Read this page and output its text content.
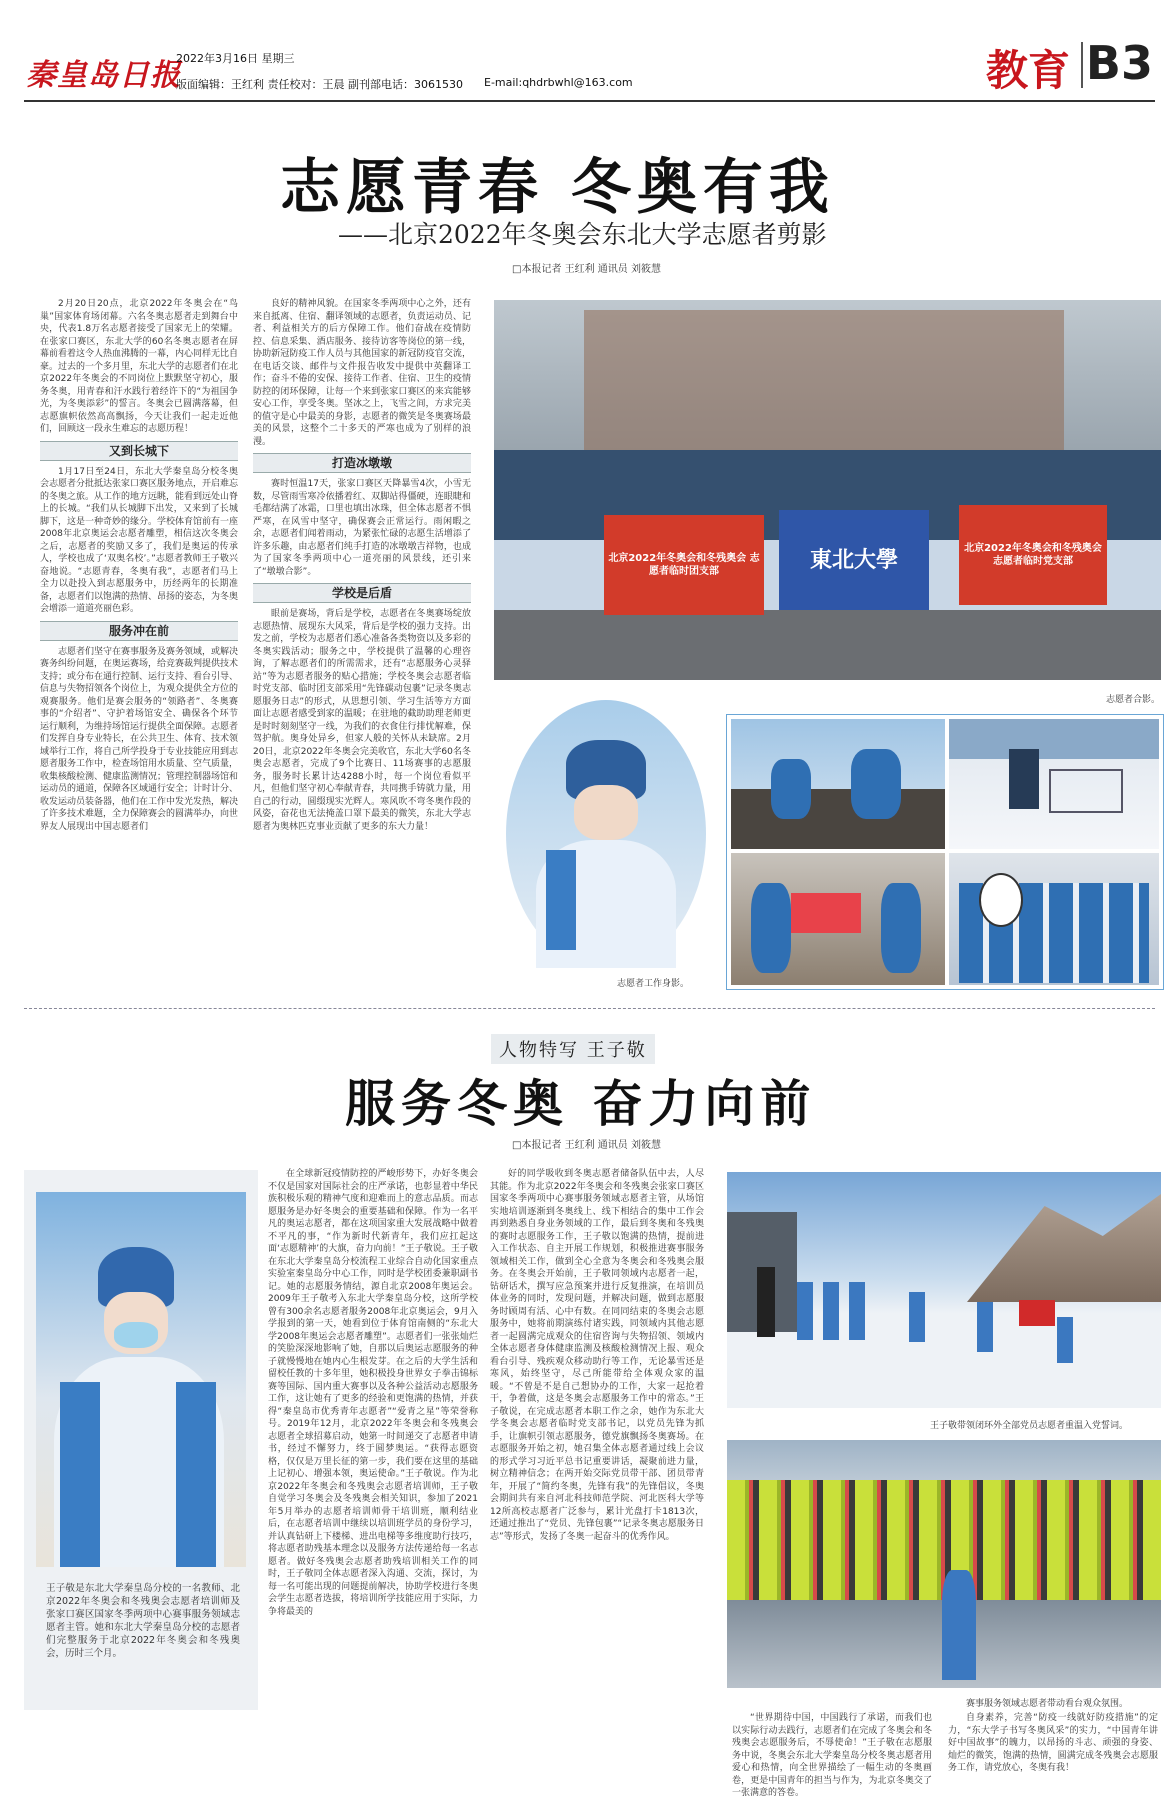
秦皇岛日报
2022年3月16日 星期三
版面编辑：王红利 责任校对：王晨 副刊部电话：3061530 E-mail:qhdrbwhl@163.com	教育 B3
志愿青春 冬奥有我
——北京2022年冬奥会东北大学志愿者剪影
□本报记者 王红利 通讯员 刘筱慧

2月20日20点，北京2022年冬奥会在“鸟巢”国家体育场闭幕。六名冬奥志愿者走到舞台中央，代表1.8万名志愿者接受了国家无上的荣耀。在张家口赛区，东北大学的60名冬奥志愿者在屏幕前看着这令人热血沸腾的一幕，内心同样无比自豪。过去的一个多月里，东北大学的志愿者们在北京2022年冬奥会的不同岗位上默默坚守初心，服务冬奥，用青春和汗水践行着经许下的“为祖国争光，为冬奥添彩”的誓言。冬奥会已圆满落幕，但志愿旗帜依然高高飘扬，今天让我们一起走近他们，回顾这一段永生难忘的志愿历程！

又到长城下

1月17日至24日，东北大学秦皇岛分校冬奥会志愿者分批抵达张家口赛区服务地点，开启难忘的冬奥之旅。从工作的地方远眺，能看到远处山脊上的长城。“我们从长城脚下出发，又来到了长城脚下，这是一种奇妙的缘分。学校体育馆前有一座2008年北京奥运会志愿者雕塑，相信这次冬奥会之后，志愿者的奖励又多了，我们是奥运的传承人，学校也成了‘双奥名校’。”志愿者教师王子敬兴奋地说。“志愿青春，冬奥有我”，志愿者们马上全力以赴投入到志愿服务中，历经两年的长期准备，志愿者们以饱满的热情、昂扬的姿态，为冬奥会增添一道道亮丽色彩。

服务冲在前

志愿者们坚守在赛事服务及赛务领域，或解决赛务纠纷问题，在奥运赛场，给竞赛裁判提供技术支持；或分布在通行控制、运行支持、看台引导、信息与失物招领各个岗位上，为观众提供全方位的观赛服务。他们是赛会服务的“领路者”、冬奥赛事的“介绍者”、守护着场馆安全、确保各个环节运行顺利，为维持场馆运行提供全面保障。志愿者们发挥自身专业特长，在公共卫生、体育、技术领域举行工作，将自己所学投身于专业技能应用到志愿者服务工作中，检查场馆用水质量、空气质量，收集核酸检测、健康监测情况；管理控制器场馆和运动员的通道，保障各区域通行安全；计时计分、收发运动员装备器，他们在工作中发光发热，解决了许多技术难题，全力保障赛会的圆满举办，向世界友人展现出中国志愿者们

良好的精神风貌。在国家冬季两项中心之外，还有来自抵离、住宿、翻译领域的志愿者，负责运动员、记者、利益相关方的后方保障工作。他们奋战在疫情防控、信息采集、酒店服务、接待访客等岗位的第一线，协助新冠防疫工作人员与其他国家的新冠防疫官交流，在电话交谈、邮件与文件报告收发中提供中英翻译工作；奋斗不倦的安保、接待工作者、住宿、卫生的疫情防控的闭环保障，让每一个来到张家口赛区的来宾能够安心工作，享受冬奥。坚冰之上，飞雪之间，方求完美的值守是心中最美的身影，志愿者的微笑是冬奥赛场最美的风景，这整个二十多天的严寒也成为了别样的浪漫。

打造冰墩墩

赛时恒温17天，张家口赛区天降暴雪4次，小雪无数，尽管雨雪寒冷依播着红、双脚站得僵硬，连眼睫和毛都结满了冰霜，口里也填出冰珠，但全体志愿者不惧严寒，在风雪中坚守，确保赛会正常运行。雨闲暇之余，志愿者们闻着雨动，为紧张忙碌的志愿生活增添了许多乐趣，由志愿者们纯手打造的冰墩墩吉祥物，也成为了国家冬季两项中心一道亮丽的风景线，还引来了“墩墩合影”。

学校是后盾

眼前是赛场，背后是学校，志愿者在冬奥赛场绽放志愿热情、展现东大风采，背后是学校的强力支持。出发之前，学校为志愿者们悉心准备各类物资以及多彩的冬奥实践活动；服务之中，学校提供了温馨的心理咨询，了解志愿者们的所需需求，还有“志愿服务心灵驿站”等为志愿者服务的贴心措施；学校冬奥会志愿者临时党支部、临时团支部采用“先锋碳动包裹”记录冬奥志愿服务日志”的形式，从思想引领、学习生活等方方面面让志愿者感受到家的温暖；在驻地的截助助理老师更是时时刻刻坚守一线，为我们的衣食住行排忧解难，保驾护航。奥身处异乡，但家人般的关怀从未缺席。2月20日，北京2022年冬奥会完美收官，东北大学60名冬奥会志愿者，完成了9个比赛日、11场赛事的志愿服务，服务时长累计达4288小时，每一个岗位看似平凡，但他们坚守初心奉献青春，共同携手铸就力量，用自己的行动，圆缀现实光辉人。寒风吹不弯冬奥作段的风姿，奋花也无法掩盖口罩下最美的微笑，东北大学志愿者为奥林匹克事业贡献了更多的东大力量！

北京2022年冬奥会和冬残奥会 志愿者临时团支部	東北大學	北京2022年冬奥会和冬残奥会 志愿者临时党支部
志愿者合影。
志愿者工作身影。
人物特写 王子敬
服务冬奥 奋力向前
□本报记者 王红利 通讯员 刘筱慧
王子敬是东北大学秦皇岛分校的一名教师、北京2022年冬奥会和冬残奥会志愿者培训师及张家口赛区国家冬季两项中心赛事服务领域志愿者主管。她和东北大学秦皇岛分校的志愿者们完整服务于北京2022年冬奥会和冬残奥会，历时三个月。

在全球新冠疫情防控的严峻形势下，办好冬奥会不仅是国家对国际社会的庄严承诺，也彰显着中华民族积极乐观的精神气度和迎难而上的意志品质。而志愿服务是办好冬奥会的重要基础和保障。作为一名平凡的奥运志愿者，都在这项国家重大发展战略中做着不平凡的事，“作为新时代新青年，我们应扛起这面‘志愿精神’的大旗，奋力向前！”王子敬说。王子敬在东北大学秦皇岛分校流程工业综合自动化国家重点实验室秦皇岛分中心工作，同时是学校团委兼职副书记。她的志愿服务情结，源自北京2008年奥运会。2009年王子敬考入东北大学秦皇岛分校，这所学校曾有300余名志愿者服务2008年北京奥运会，9月入学报到的第一天，她看到位于体育馆南侧的“东北大学2008年奥运会志愿者雕塑”。志愿者们一张张灿烂的笑脸深深地影响了她，自那以后奥运志愿服务的种子就慢慢地在她内心生根发芽。在之后的大学生活和留校任教的十多年里，她积极投身世界女子拳击锦标赛等国际、国内重大赛事以及各种公益活动志愿服务工作，这让她有了更多的经验和更饱满的热情，并获得“秦皇岛市优秀青年志愿者”“爱青之星”等荣誉称号。2019年12月，北京2022年冬奥会和冬残奥会志愿者全球招募启动，她第一时间递交了志愿者申请书，经过不懈努力，终于圆梦奥运。“获得志愿资格，仅仅是万里长征的第一步，我们要在这里的基础上记初心、增强本领，奥运使命。”王子敬说。作为北京2022年冬奥会和冬残奥会志愿者培训师，王子敬自觉学习冬奥会及冬残奥会相关知识，参加了2021年5月举办的志愿者培训师骨干培训班，顺利结业后，在志愿者培训中继续以培训班学员的身份学习，并认真钻研上下楼梯、进出电梯等多维度助行技巧，将志愿者助残基本理念以及服务方法传递给每一名志愿者。做好冬残奥会志愿者助残培训相关工作的同时，王子敬同全体志愿者深入沟通、交流，探讨，为每一名可能出现的问题提前解决，协助学校进行冬奥会学生志愿者选拔，将培训所学技能应用于实际，力争将最美的

好的同学吸收到冬奥志愿者储备队伍中去，人尽其能。作为北京2022年冬奥会和冬残奥会张家口赛区国家冬季两项中心赛事服务领域志愿者主管，从场馆实地培训逐渐到冬奥线上、线下相结合的集中工作会再到熟悉自身业务领域的工作，最后到冬奥和冬残奥的赛时志愿服务工作，王子敬以饱满的热情，提前进入工作状态、自主开展工作规划，积极推进赛事服务领域相关工作，做到全心全意为冬奥会和冬残奥会服务。在冬奥会开始前，王子敬同领域内志愿者一起，钻研话术，撰写应急预案并进行反复推演，在培训员体业务的同时，发现问题，并解决问题，做到志愿服务时顾周有活、心中有数。在同同结束的冬奥会志愿服务中，她将前期演练付诸实践，同领域内其他志愿者一起圆满完成观众的住宿咨询与失物招领、领域内全体志愿者身体健康监测及核酸检测情况上报、观众看台引导、残疾观众移动助行等工作，无论暴雪还是寒风，始终坚守，尽己所能带给全体观众家的温暖。“不曾是不是自己想协办的工作，大家一起抢着干，争着做，这是冬奥会志愿服务工作中的常态。”王子敬说，在完成志愿者本职工作之余，她作为东北大学冬奥会志愿者临时党支部书记，以党员先锋为抓手，让旗帜引领志愿服务，德党旗飘扬冬奥赛场。在志愿服务开始之初，她召集全体志愿者通过线上会议的形式学习习近平总书记重要讲话，凝聚前进力量，树立精神信念；在两开始交际党员带干部、团员带青年，开展了“简约冬奥，先锋有我”的先锋倡议，冬奥会期间共有来自河北科技师范学院、河北医科大学等12所高校志愿者广泛参与，累计光盘打卡1813次，还通过推出了“党员、先锋包裹”“记录冬奥志愿服务日志”等形式，发扬了冬奥一起奋斗的优秀作风。

王子敬带领闭环外全部党员志愿者重温入党誓词。
赛事服务领域志愿者带动看台观众氛围。

“世界期待中国，中国践行了承诺，而我们也以实际行动去践行，志愿者们在完成了冬奥会和冬残奥会志愿服务后，不辱使命！”王子敬在志愿服务中说，冬奥会东北大学秦皇岛分校冬奥志愿者用爱心和热情，向全世界描绘了一幅生动的冬奥画卷，更是中国青年的担当与作为，为北京冬奥交了一张满意的答卷。

自身素养，完善“防疫一线就好防疫措施”的定力，“东大学子书写冬奥风采”的实力，“中国青年讲好中国故事”的魄力，以昂扬的斗志、顽强的身姿、灿烂的微笑，饱满的热情，圆满完成冬残奥会志愿服务工作，请党放心，冬奥有我！
